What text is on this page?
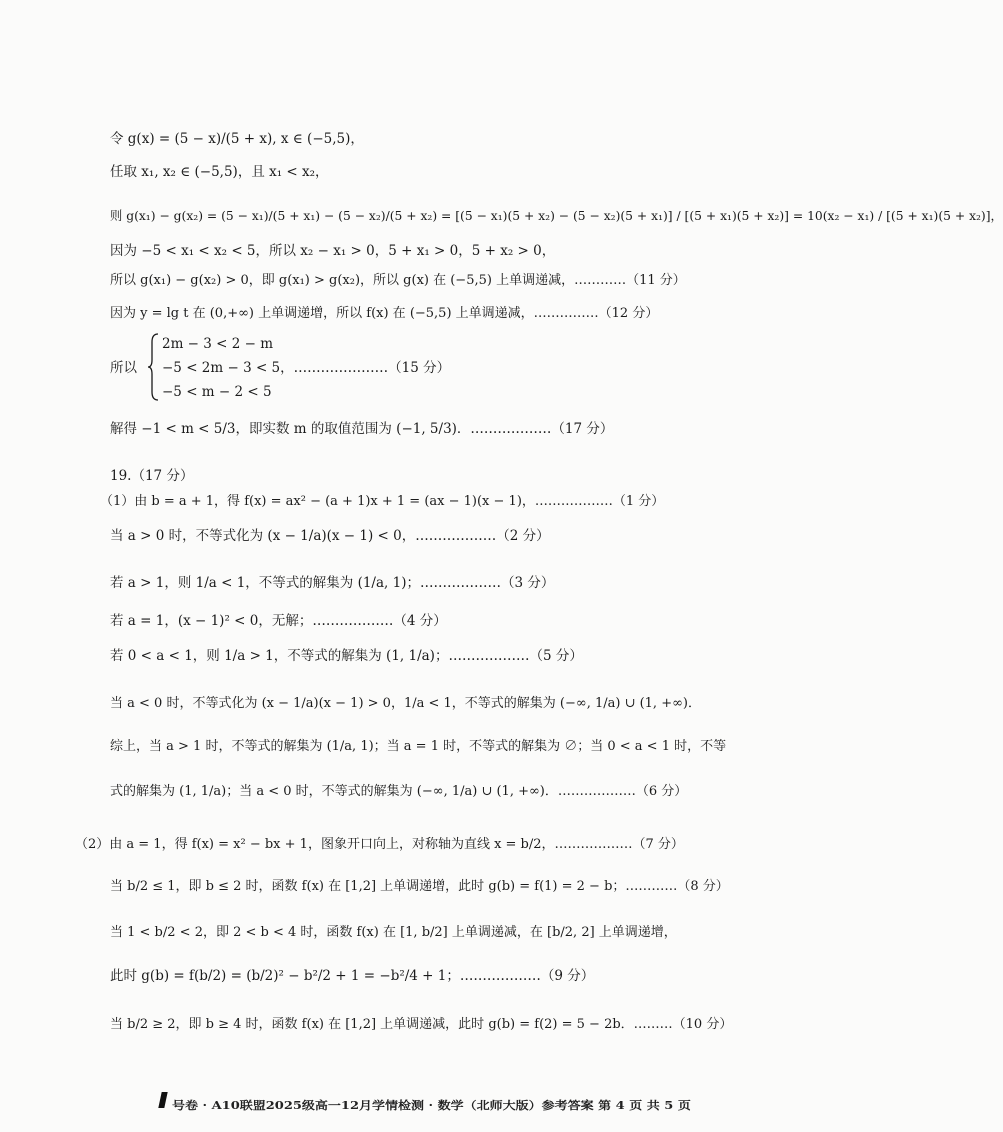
令 g(x) = (5 − x)/(5 + x), x ∈ (−5,5)，
任取 x₁, x₂ ∈ (−5,5)，且 x₁ < x₂，
则 g(x₁) − g(x₂) = (5 − x₁)/(5 + x₁) − (5 − x₂)/(5 + x₂) = [(5 − x₁)(5 + x₂) − (5 − x₂)(5 + x₁)] / [(5 + x₁)(5 + x₂)] = 10(x₂ − x₁) / [(5 + x₁)(5 + x₂)]，
因为 −5 < x₁ < x₂ < 5，所以 x₂ − x₁ > 0，5 + x₁ > 0，5 + x₂ > 0，
所以 g(x₁) − g(x₂) > 0，即 g(x₁) > g(x₂)，所以 g(x) 在 (−5,5) 上单调递减，…………（11 分）
因为 y = lg t 在 (0,+∞) 上单调递增，所以 f(x) 在 (−5,5) 上单调递减，……………（12 分）
所以
2m − 3 < 2 − m
−5 < 2m − 3 < 5，…………………（15 分）
−5 < m − 2 < 5
解得 −1 < m < 5/3，即实数 m 的取值范围为 (−1, 5/3)．………………（17 分）
19.（17 分）
（1）由 b = a + 1，得 f(x) = ax² − (a + 1)x + 1 = (ax − 1)(x − 1)，………………（1 分）
当 a > 0 时，不等式化为 (x − 1/a)(x − 1) < 0，………………（2 分）
若 a > 1，则 1/a < 1，不等式的解集为 (1/a, 1)；………………（3 分）
若 a = 1，(x − 1)² < 0，无解；………………（4 分）
若 0 < a < 1，则 1/a > 1，不等式的解集为 (1, 1/a)；………………（5 分）
当 a < 0 时，不等式化为 (x − 1/a)(x − 1) > 0，1/a < 1，不等式的解集为 (−∞, 1/a) ∪ (1, +∞)．
综上，当 a > 1 时，不等式的解集为 (1/a, 1)；当 a = 1 时，不等式的解集为 ∅；当 0 < a < 1 时，不等
式的解集为 (1, 1/a)；当 a < 0 时，不等式的解集为 (−∞, 1/a) ∪ (1, +∞)．………………（6 分）
（2）由 a = 1，得 f(x) = x² − bx + 1，图象开口向上，对称轴为直线 x = b/2，………………（7 分）
当 b/2 ≤ 1，即 b ≤ 2 时，函数 f(x) 在 [1,2] 上单调递增，此时 g(b) = f(1) = 2 − b；…………（8 分）
当 1 < b/2 < 2，即 2 < b < 4 时，函数 f(x) 在 [1, b/2] 上单调递减，在 [b/2, 2] 上单调递增，
此时 g(b) = f(b/2) = (b/2)² − b²/2 + 1 = −b²/4 + 1；………………（9 分）
当 b/2 ≥ 2，即 b ≥ 4 时，函数 f(x) 在 [1,2] 上单调递减，此时 g(b) = f(2) = 5 − 2b．………（10 分）
号卷 · A10联盟2025级高一12月学情检测 · 数学（北师大版）参考答案 第 4 页 共 5 页
